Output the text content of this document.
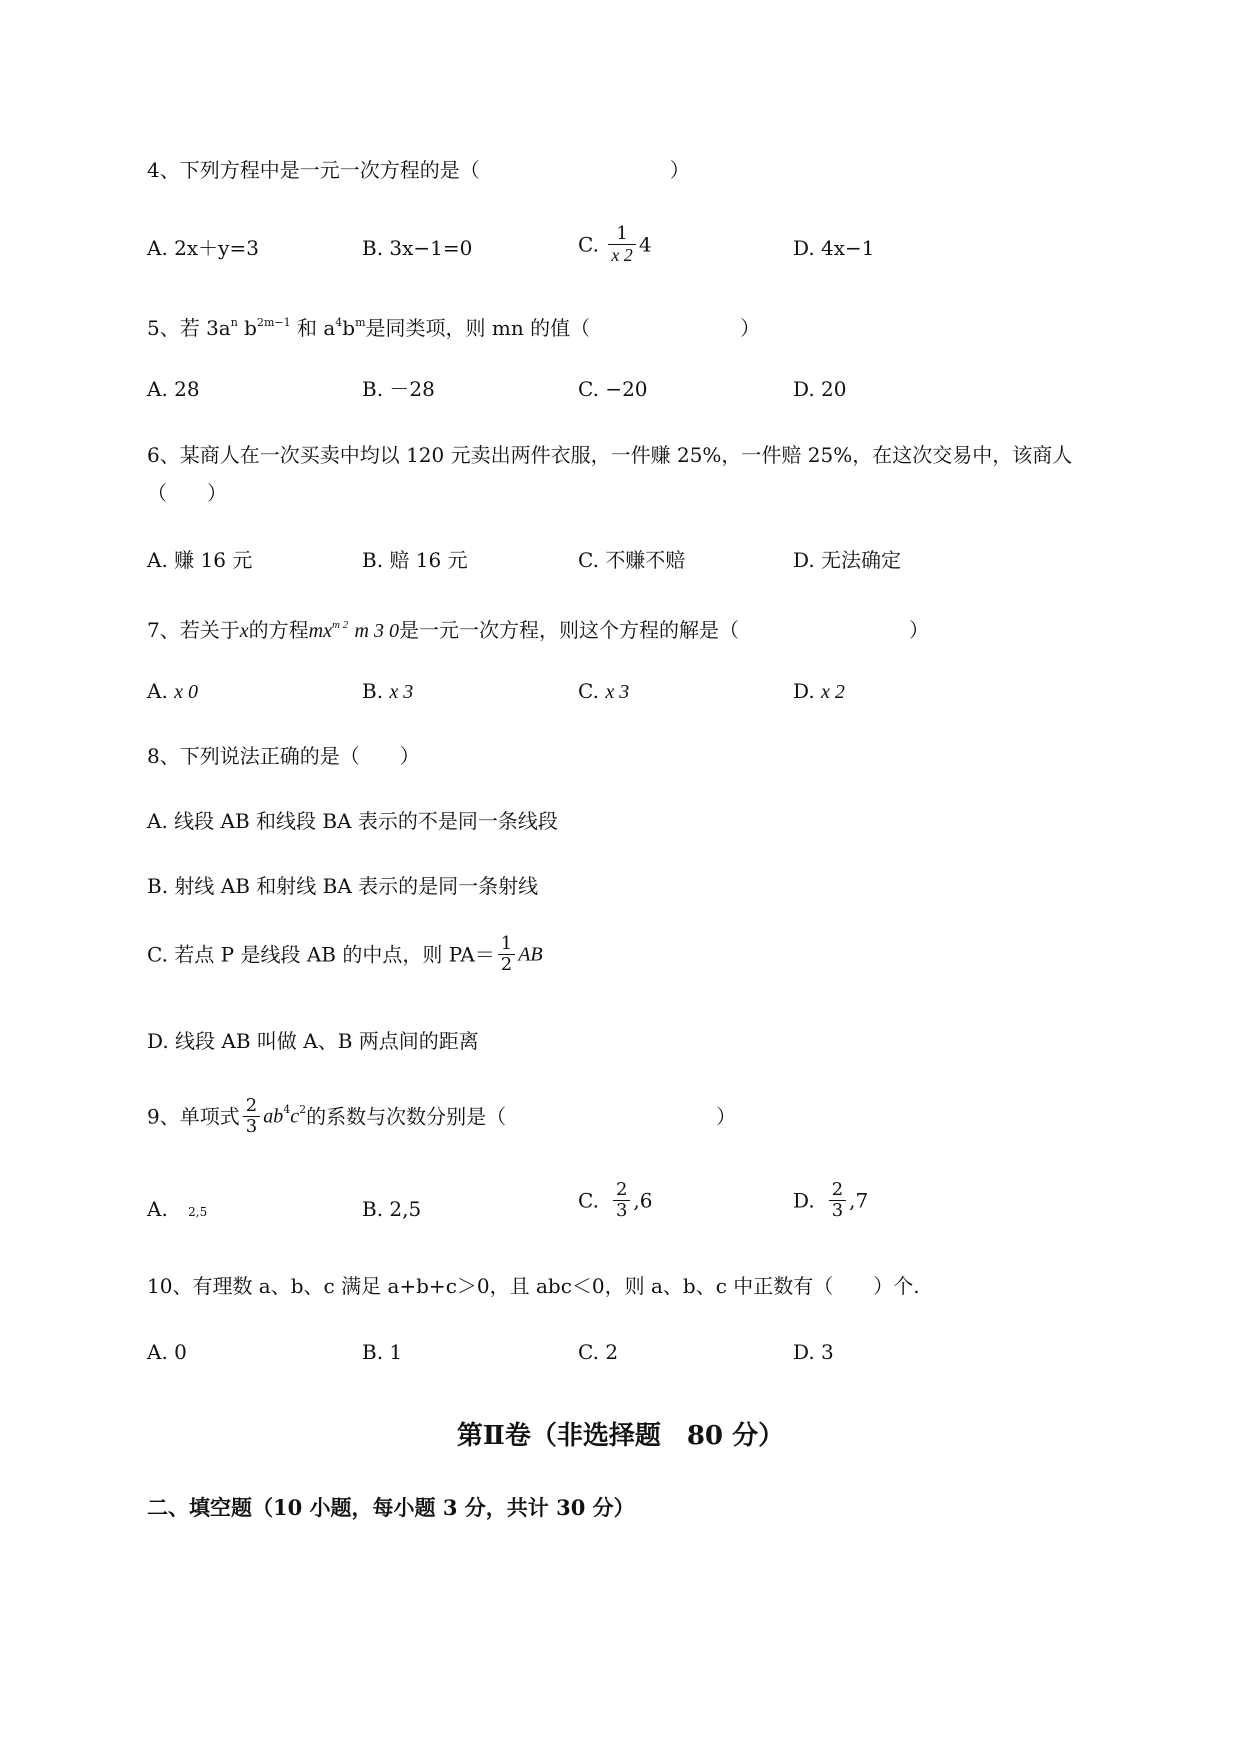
4、下列方程中是一元一次方程的是（	）
A. 2x＋y=3	B. 3x−1=0	C. $\frac{1}{x 2} 4$	D. 4x−1
5、若 $3a^n$ $b^{2m-1}$ 和 $a^4b^m$是同类项，则 mn 的值（	）
A. 28	B. －28	C. −20	D. 20
6、某商人在一次买卖中均以 120 元卖出两件衣服，一件赚 25%，一件赔 25%，在这次交易中，该商人
（　　）
A. 赚 16 元	B. 赔 16 元	C. 不赚不赔	D. 无法确定
7、若关于x的方程$mx^{m 2}$ m 3 0是一元一次方程，则这个方程的解是（	）
A. x 0	B. x 3	C. x 3	D. x 2
8、下列说法正确的是（　　）
A. 线段 AB 和线段 BA 表示的不是同一条线段
B. 射线 AB 和射线 BA 表示的是同一条射线
C. 若点 P 是线段 AB 的中点，则 $PA= \frac{1}{2}$ AB
D. 线段 AB 叫做 A、B 两点间的距离
9、单项式 $\frac{2}{3} ab^4c^2$的系数与次数分别是（	）
A. 2,5	B. 2,5	C. $\frac{2}{3} ,6$	D. $\frac{2}{3} ,7$
10、有理数 a、b、c 满足 a+b+c＞0，且 abc＜0，则 a、b、c 中正数有（　　）个.
A. 0	B. 1	C. 2	D. 3
第Ⅱ卷（非选择题　80 分）
二、填空题（10 小题，每小题 3 分，共计 30 分）
